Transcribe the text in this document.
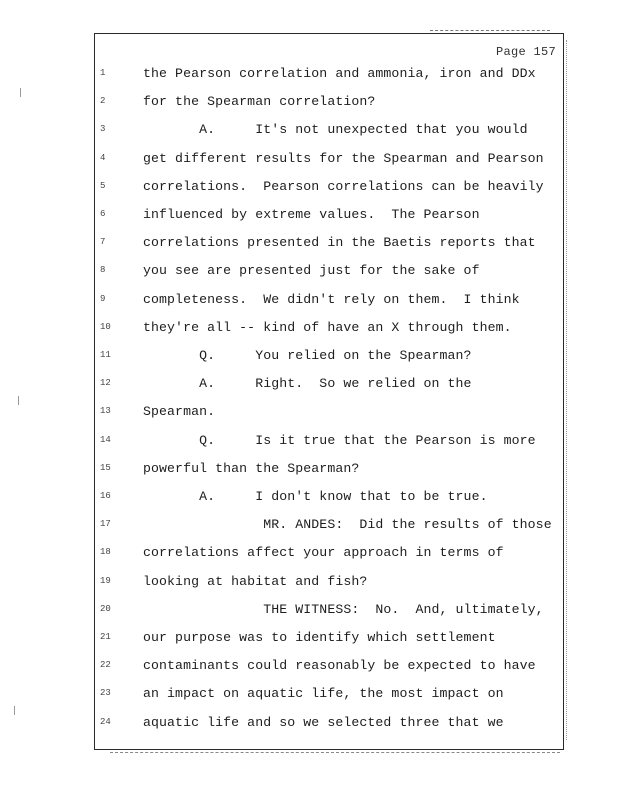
Page 157
1	the Pearson correlation and ammonia, iron and DDx
2	for the Spearman correlation?
3	A.     It's not unexpected that you would
4	get different results for the Spearman and Pearson
5	correlations.  Pearson correlations can be heavily
6	influenced by extreme values.  The Pearson
7	correlations presented in the Baetis reports that
8	you see are presented just for the sake of
9	completeness.  We didn't rely on them.  I think
10	they're all -- kind of have an X through them.
11	Q.     You relied on the Spearman?
12	A.     Right.  So we relied on the
13	Spearman.
14	Q.     Is it true that the Pearson is more
15	powerful than the Spearman?
16	A.     I don't know that to be true.
17	MR. ANDES:  Did the results of those
18	correlations affect your approach in terms of
19	looking at habitat and fish?
20	THE WITNESS:  No.  And, ultimately,
21	our purpose was to identify which settlement
22	contaminants could reasonably be expected to have
23	an impact on aquatic life, the most impact on
24	aquatic life and so we selected three that we
